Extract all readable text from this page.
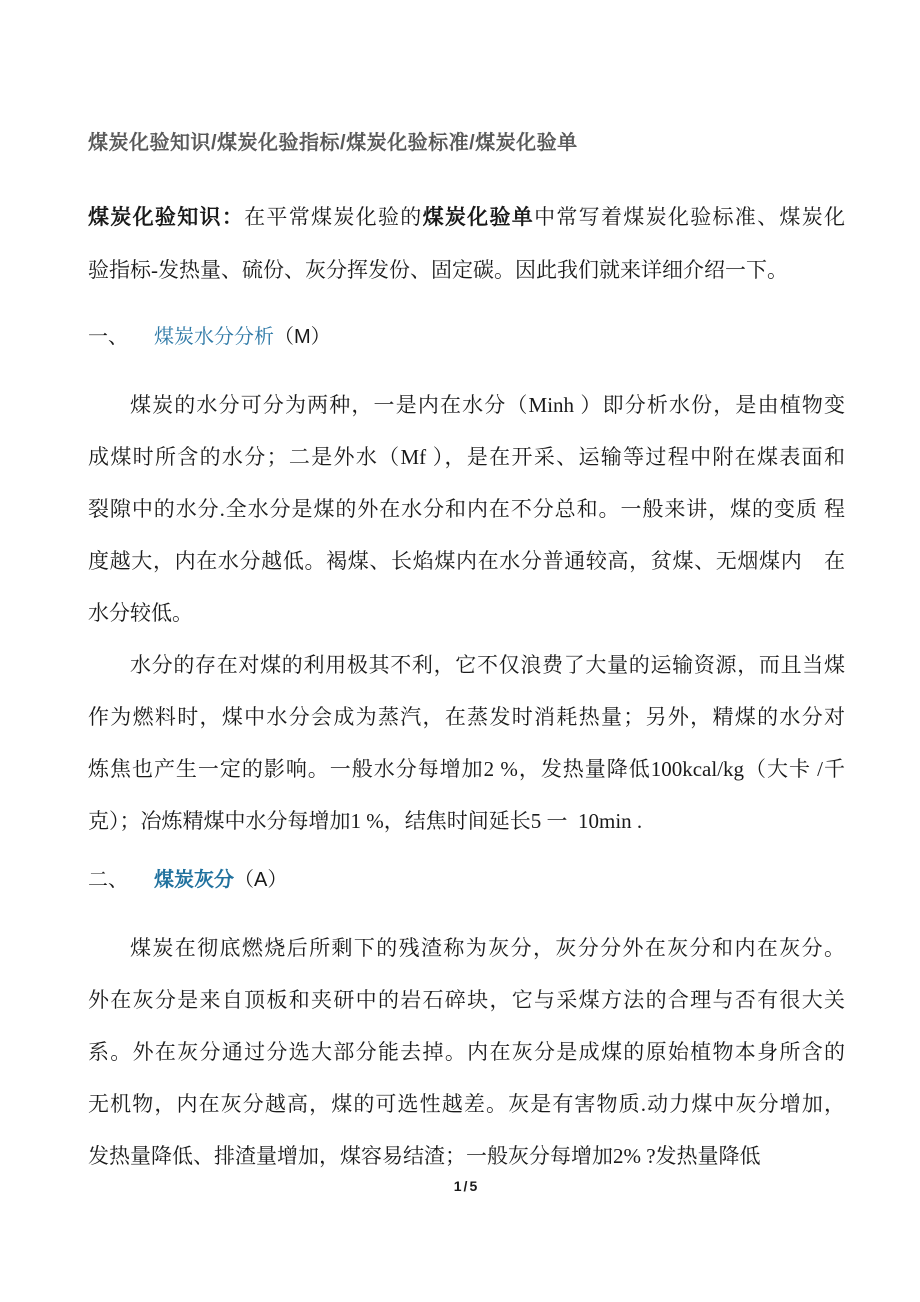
煤炭化验知识/煤炭化验指标/煤炭化验标准/煤炭化验单
煤炭化验知识：在平常煤炭化验的煤炭化验单中常写着煤炭化验标准、煤炭化
验指标-发热量、硫份、灰分挥发份、固定碳。因此我们就来详细介绍一下。
一、 煤炭水分分析（M）
煤炭的水分可分为两种，一是内在水分（Minh ）即分析水份，是由植物变
成煤时所含的水分；二是外水（Mf ），是在开采、运输等过程中附在煤表面和
裂隙中的水分.全水分是煤的外在水分和内在不分总和。一般来讲，煤的变质 程
度越大，内在水分越低。褐煤、长焰煤内在水分普通较高，贫煤、无烟煤内　在
水分较低。
水分的存在对煤的利用极其不利，它不仅浪费了大量的运输资源，而且当煤
作为燃料时，煤中水分会成为蒸汽，在蒸发时消耗热量；另外，精煤的水分对
炼焦也产生一定的影响。一般水分每增加2 %，发热量降低100kcal/kg（大卡 /千
克）；冶炼精煤中水分每增加1 %，结焦时间延长5 一  10min .
二、 煤炭灰分（A）
煤炭在彻底燃烧后所剩下的残渣称为灰分，灰分分外在灰分和内在灰分。
外在灰分是来自顶板和夹研中的岩石碎块，它与采煤方法的合理与否有很大关
系。外在灰分通过分选大部分能去掉。内在灰分是成煤的原始植物本身所含的
无机物，内在灰分越高，煤的可选性越差。灰是有害物质.动力煤中灰分增加，
发热量降低、排渣量增加，煤容易结渣；一般灰分每增加2% ?发热量降低
1/5
